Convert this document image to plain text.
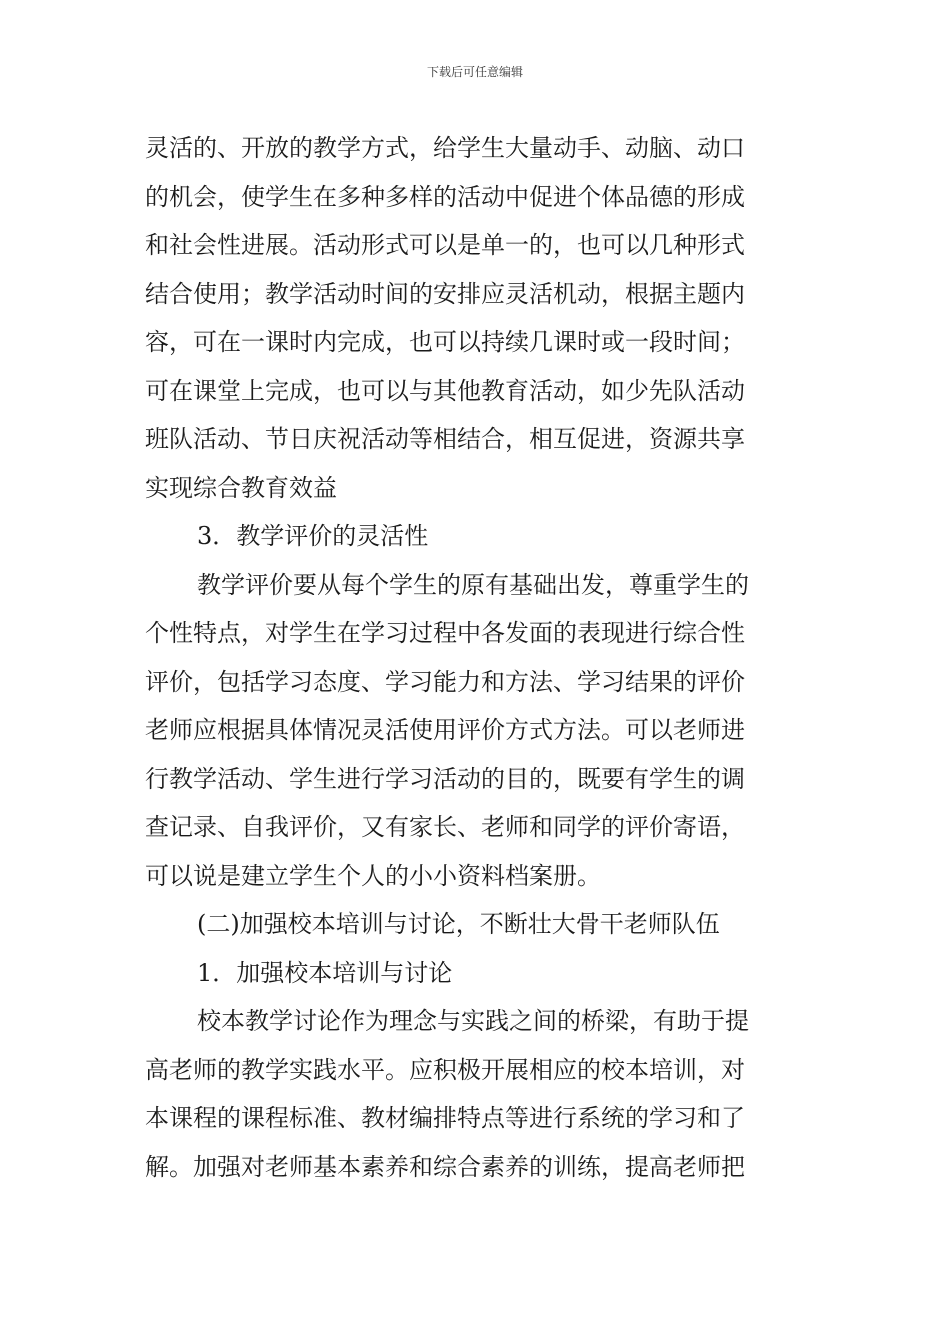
下载后可任意编辑
灵活的、开放的教学方式，给学生大量动手、动脑、动口
的机会，使学生在多种多样的活动中促进个体品德的形成
和社会性进展。活动形式可以是单一的，也可以几种形式
结合使用；教学活动时间的安排应灵活机动，根据主题内
容，可在一课时内完成，也可以持续几课时或一段时间；
可在课堂上完成，也可以与其他教育活动，如少先队活动
班队活动、节日庆祝活动等相结合，相互促进，资源共享
实现综合教育效益
3．教学评价的灵活性
教学评价要从每个学生的原有基础出发，尊重学生的
个性特点，对学生在学习过程中各发面的表现进行综合性
评价，包括学习态度、学习能力和方法、学习结果的评价
老师应根据具体情况灵活使用评价方式方法。可以老师进
行教学活动、学生进行学习活动的目的，既要有学生的调
查记录、自我评价，又有家长、老师和同学的评价寄语，
可以说是建立学生个人的小小资料档案册。
(二)加强校本培训与讨论，不断壮大骨干老师队伍
1．加强校本培训与讨论
校本教学讨论作为理念与实践之间的桥梁，有助于提
高老师的教学实践水平。应积极开展相应的校本培训，对
本课程的课程标准、教材编排特点等进行系统的学习和了
解。加强对老师基本素养和综合素养的训练，提高老师把
